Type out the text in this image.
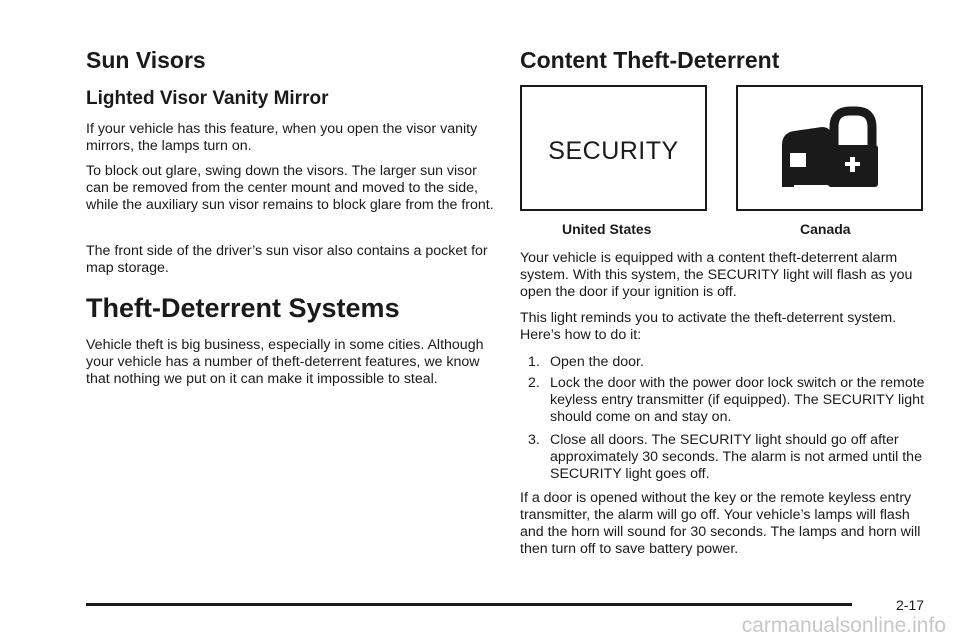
Sun Visors
Lighted Visor Vanity Mirror

If your vehicle has this feature, when you open the visor vanity mirrors, the lamps turn on.

To block out glare, swing down the visors. The larger sun visor can be removed from the center mount and moved to the side, while the auxiliary sun visor remains to block glare from the front.

The front side of the driver’s sun visor also contains a pocket for map storage.

Theft-Deterrent Systems

Vehicle theft is big business, especially in some cities. Although your vehicle has a number of theft-deterrent features, we know that nothing we put on it can make it impossible to steal.

Content Theft-Deterrent
SECURITY
United States	Canada

Your vehicle is equipped with a content theft-deterrent alarm system. With this system, the SECURITY light will flash as you open the door if your ignition is off.

This light reminds you to activate the theft-deterrent system. Here’s how to do it:

1. Open the door.
2. Lock the door with the power door lock switch or the remote keyless entry transmitter (if equipped). The SECURITY light should come on and stay on.
3. Close all doors. The SECURITY light should go off after approximately 30 seconds. The alarm is not armed until the SECURITY light goes off.

If a door is opened without the key or the remote keyless entry transmitter, the alarm will go off. Your vehicle’s lamps will flash and the horn will sound for 30 seconds. The lamps and horn will then turn off to save battery power.

2-17
carmanualsonline.info
